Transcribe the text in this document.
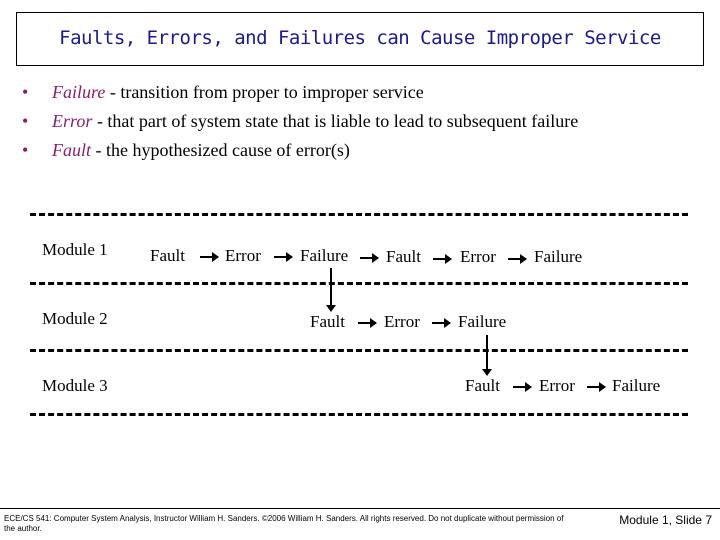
Faults, Errors, and Failures can Cause Improper Service
• Failure - transition from proper to improper service
• Error - that part of system state that is liable to lead to subsequent failure
• Fault - the hypothesized cause of error(s)
Module 1 Fault Error Failure Fault Error Failure
Module 2	Fault Error Failure
Module 3	Fault Error Failure
ECE/CS 541: Computer System Analysis, Instructor William H. Sanders. ©2006 William H. Sanders. All rights reserved. Do not duplicate without permission of the author.
Module 1, Slide 7
